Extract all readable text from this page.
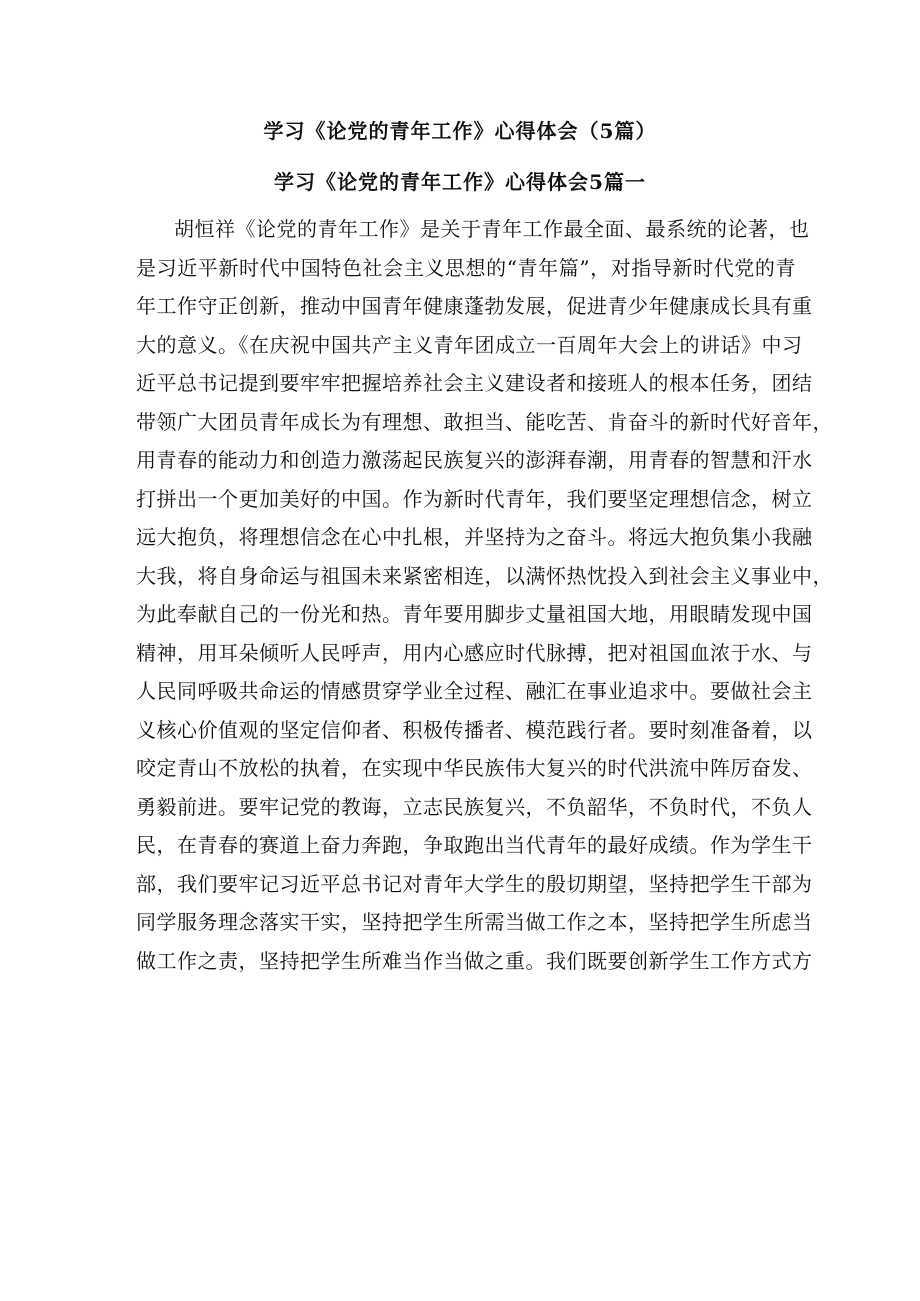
学习《论党的青年工作》心得体会（5篇）
学习《论党的青年工作》心得体会5篇一
胡恒祥《论党的青年工作》是关于青年工作最全面、最系统的论著，也
是习近平新时代中国特色社会主义思想的“青年篇”，对指导新时代党的青
年工作守正创新，推动中国青年健康蓬勃发展，促进青少年健康成长具有重
大的意义。《在庆祝中国共产主义青年团成立一百周年大会上的讲话》中习
近平总书记提到要牢牢把握培养社会主义建设者和接班人的根本任务，团结
带领广大团员青年成长为有理想、敢担当、能吃苦、肯奋斗的新时代好音年，
用青春的能动力和创造力激荡起民族复兴的澎湃春潮，用青春的智慧和汗水
打拼出一个更加美好的中国。作为新时代青年，我们要坚定理想信念，树立
远大抱负，将理想信念在心中扎根，并坚持为之奋斗。将远大抱负集小我融
大我，将自身命运与祖国未来紧密相连，以满怀热忱投入到社会主义事业中，
为此奉献自己的一份光和热。青年要用脚步丈量祖国大地，用眼睛发现中国
精神，用耳朵倾听人民呼声，用内心感应时代脉搏，把对祖国血浓于水、与
人民同呼吸共命运的情感贯穿学业全过程、融汇在事业追求中。要做社会主
义核心价值观的坚定信仰者、积极传播者、模范践行者。要时刻准备着，以
咬定青山不放松的执着，在实现中华民族伟大复兴的时代洪流中阵厉奋发、
勇毅前进。要牢记党的教诲，立志民族复兴，不负韶华，不负时代，不负人
民，在青春的赛道上奋力奔跑，争取跑出当代青年的最好成绩。作为学生干
部，我们要牢记习近平总书记对青年大学生的殷切期望，坚持把学生干部为
同学服务理念落实干实，坚持把学生所需当做工作之本，坚持把学生所虑当
做工作之责，坚持把学生所难当作当做之重。我们既要创新学生工作方式方
